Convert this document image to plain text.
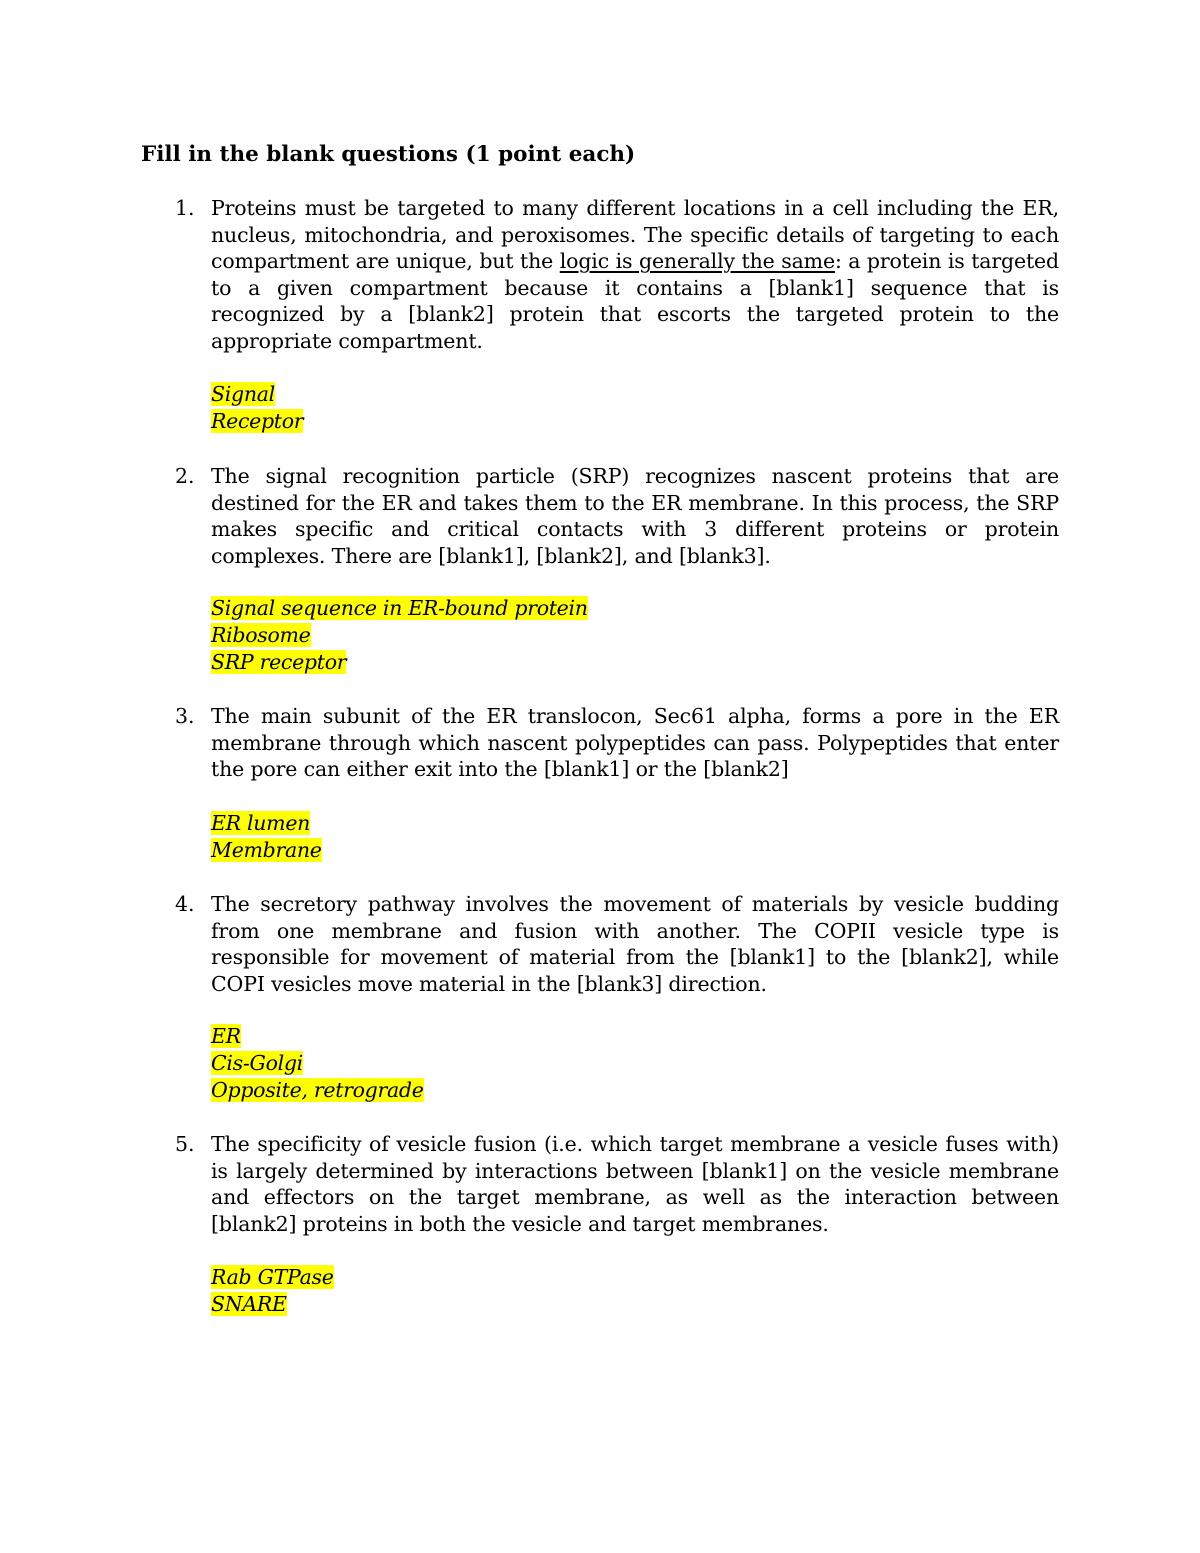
Fill in the blank questions (1 point each)
1. Proteins must be targeted to many different locations in a cell including the ER, nucleus, mitochondria, and peroxisomes. The specific details of targeting to each compartment are unique, but the logic is generally the same: a protein is targeted to a given compartment because it contains a [blank1] sequence that is recognized by a [blank2] protein that escorts the targeted protein to the appropriate compartment.
Signal
Receptor
2. The signal recognition particle (SRP) recognizes nascent proteins that are destined for the ER and takes them to the ER membrane. In this process, the SRP makes specific and critical contacts with 3 different proteins or protein complexes. There are [blank1], [blank2], and [blank3].
Signal sequence in ER-bound protein
Ribosome
SRP receptor
3. The main subunit of the ER translocon, Sec61 alpha, forms a pore in the ER membrane through which nascent polypeptides can pass. Polypeptides that enter the pore can either exit into the [blank1] or the [blank2]
ER lumen
Membrane
4. The secretory pathway involves the movement of materials by vesicle budding from one membrane and fusion with another. The COPII vesicle type is responsible for movement of material from the [blank1] to the [blank2], while COPI vesicles move material in the [blank3] direction.
ER
Cis-Golgi
Opposite, retrograde
5. The specificity of vesicle fusion (i.e. which target membrane a vesicle fuses with) is largely determined by interactions between [blank1] on the vesicle membrane and effectors on the target membrane, as well as the interaction between [blank2] proteins in both the vesicle and target membranes.
Rab GTPase
SNARE
